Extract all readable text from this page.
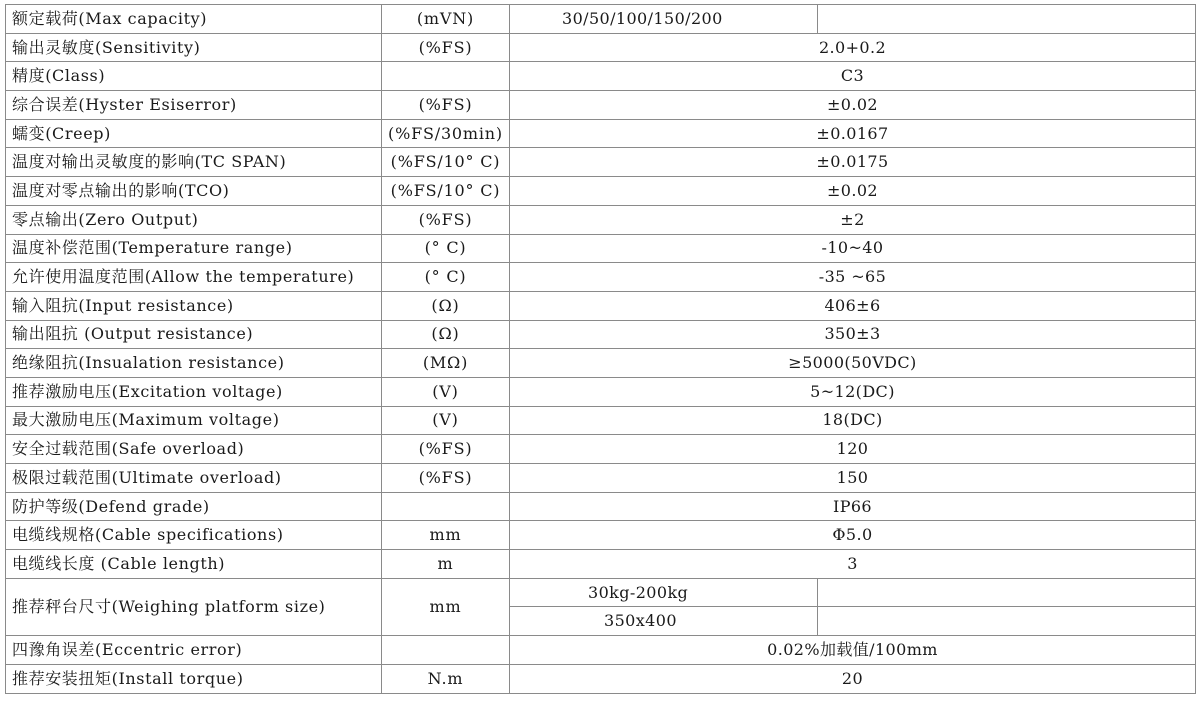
额定载荷(Max capacity)	(mVN)	30/50/100/150/200	
输出灵敏度(Sensitivity)	(%FS)	2.0+0.2	
精度(Class)		C3	
综合误差(Hyster Esiserror)	(%FS)	±0.02	
蠕变(Creep)	(%FS/30min)	±0.0167	
温度对输出灵敏度的影响(TC SPAN)	(%FS/10° C)	±0.0175	
温度对零点输出的影响(TCO)	(%FS/10° C)	±0.02	
零点输出(Zero Output)	(%FS)	±2	
温度补偿范围(Temperature range)	(° C)	-10~40	
允许使用温度范围(Allow the temperature)	(° C)	-35 ~65	
输入阻抗(Input resistance)	(Ω)	406±6	
输出阻抗 (Output resistance)	(Ω)	350±3	
绝缘阻抗(Insualation resistance)	(MΩ)	≥5000(50VDC)	
推荐激励电压(Excitation voltage)	(V)	5~12(DC)	
最大激励电压(Maximum voltage)	(V)	18(DC)	
安全过载范围(Safe overload)	(%FS)	120	
极限过载范围(Ultimate overload)	(%FS)	150	
防护等级(Defend grade)		IP66	
电缆线规格(Cable specifications)	mm	Φ5.0	
电缆线长度 (Cable length)	m	3	
推荐秤台尺寸(Weighing platform size)	mm	30kg-200kg	
		350x400	
四豫角误差(Eccentric error)		0.02%加载值/100mm	
推荐安装扭矩(Install torque)	N.m	20	
